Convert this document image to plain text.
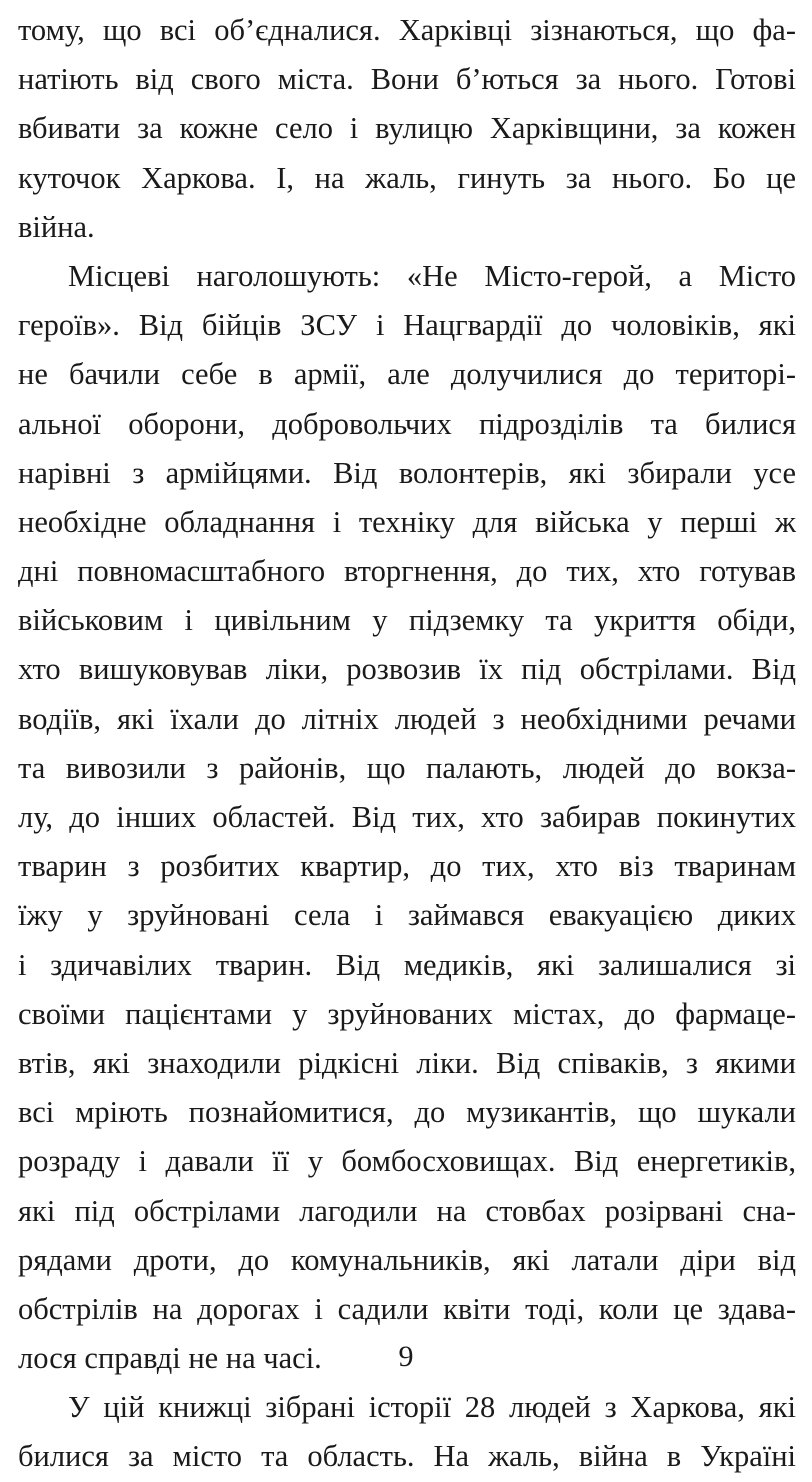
тому, що всі об’єдналися. Харківці зізнаються, що фа-
натіють від свого міста. Вони б’ються за нього. Готові
вбивати за кожне село і вулицю Харківщини, за кожен
куточок Харкова. І, на жаль, гинуть за нього. Бо це
війна.
Місцеві наголошують: «Не Місто-герой, а Місто
героїв». Від бійців ЗСУ і Нацгвардії до чоловіків, які
не бачили себе в армії, але долучилися до територі-
альної оборони, добровольчих підрозділів та билися
нарівні з армійцями. Від волонтерів, які збирали усе
необхідне обладнання і техніку для війська у перші ж
дні повномасштабного вторгнення, до тих, хто готував
військовим і цивільним у підземку та укриття обіди,
хто вишуковував ліки, розвозив їх під обстрілами. Від
водіїв, які їхали до літніх людей з необхідними речами
та вивозили з районів, що палають, людей до вокза-
лу, до інших областей. Від тих, хто забирав покинутих
тварин з розбитих квартир, до тих, хто віз тваринам
їжу у зруйновані села і займався евакуацією диких
і здичавілих тварин. Від медиків, які залишалися зі
своїми пацієнтами у зруйнованих містах, до фармаце-
втів, які знаходили рідкісні ліки. Від співаків, з якими
всі мріють познайомитися, до музикантів, що шукали
розраду і давали її у бомбосховищах. Від енергетиків,
які під обстрілами лагодили на стовбах розірвані сна-
рядами дроти, до комунальників, які латали діри від
обстрілів на дорогах і садили квіти тоді, коли це здава-
лося справді не на часі.
У цій книжці зібрані історії 28 людей з Харкова, які
билися за місто та область. На жаль, війна в Україні
9
